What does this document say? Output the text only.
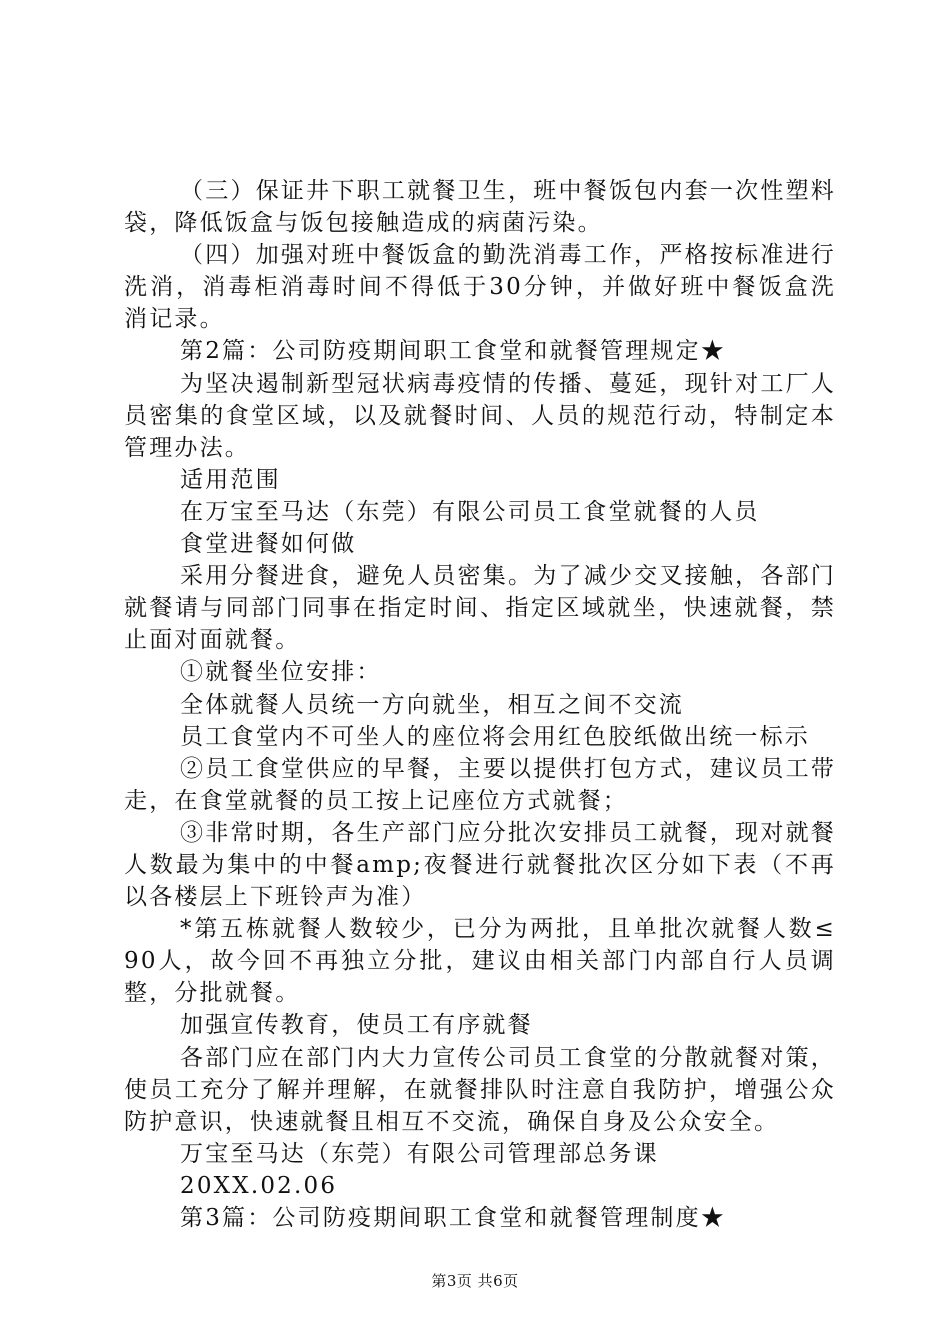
（三）保证井下职工就餐卫生，班中餐饭包内套一次性塑料袋，降低饭盒与饭包接触造成的病菌污染。

（四）加强对班中餐饭盒的勤洗消毒工作，严格按标准进行洗消，消毒柜消毒时间不得低于30分钟，并做好班中餐饭盒洗消记录。

第2篇：公司防疫期间职工食堂和就餐管理规定★

为坚决遏制新型冠状病毒疫情的传播、蔓延，现针对工厂人员密集的食堂区域，以及就餐时间、人员的规范行动，特制定本管理办法。

适用范围

在万宝至马达（东莞）有限公司员工食堂就餐的人员

食堂进餐如何做

采用分餐进食，避免人员密集。为了减少交叉接触，各部门就餐请与同部门同事在指定时间、指定区域就坐，快速就餐，禁止面对面就餐。

①就餐坐位安排：

全体就餐人员统一方向就坐，相互之间不交流

员工食堂内不可坐人的座位将会用红色胶纸做出统一标示

②员工食堂供应的早餐，主要以提供打包方式，建议员工带走，在食堂就餐的员工按上记座位方式就餐；

③非常时期，各生产部门应分批次安排员工就餐，现对就餐人数最为集中的中餐amp;夜餐进行就餐批次区分如下表（不再以各楼层上下班铃声为准）

*第五栋就餐人数较少，已分为两批，且单批次就餐人数≤90人，故今回不再独立分批，建议由相关部门内部自行人员调整，分批就餐。

加强宣传教育，使员工有序就餐

各部门应在部门内大力宣传公司员工食堂的分散就餐对策，使员工充分了解并理解，在就餐排队时注意自我防护，增强公众防护意识，快速就餐且相互不交流，确保自身及公众安全。

万宝至马达（东莞）有限公司管理部总务课

20XX.02.06

第3篇：公司防疫期间职工食堂和就餐管理制度★

第3页 共6页
